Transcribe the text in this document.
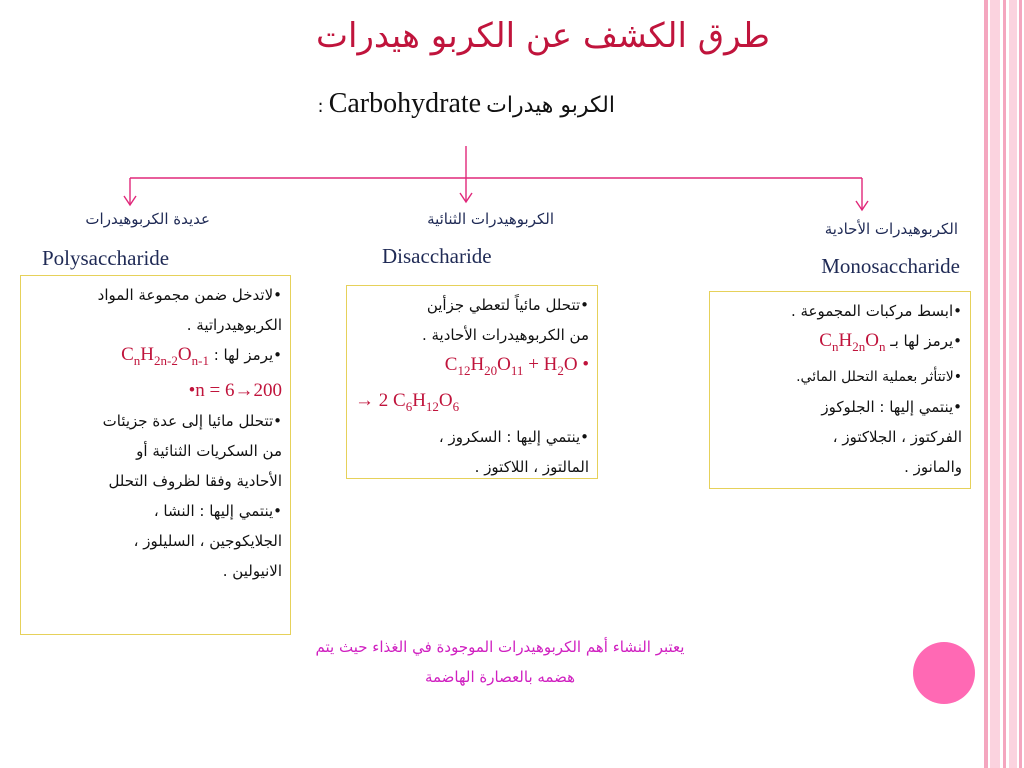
طرق الكشف عن الكربو هيدرات
الكربو هيدرات Carbohydrate :
عديدة الكربوهيدرات
Polysaccharide
•لاتدخل ضمن مجموعة المواد
الكربوهيدراتية .
•يرمز لها : $C_nH_{2n-2}O_{n-1}$
n = 6→200•
•تتحلل مائيا إلى عدة جزيئات
من السكريات الثنائية أو
الأحادية وفقا لظروف التحلل
•ينتمي إليها : النشا ،
الجلايكوجين ، السليلوز ،
الانيولين .
الكربوهيدرات الثنائية
Disaccharide
•تتحلل مائياً لتعطي جزأين
من الكربوهيدرات الأحادية .
$C_{12}H_{20}O_{11} + H_2O$ •
→ 2 $C_6H_{12}O_6$
•ينتمي إليها : السكروز ،
المالتوز ، اللاكتوز .
الكربوهيدرات الأحادية
Monosaccharide
•ابسط مركبات المجموعة .
•يرمز لها بـ $C_nH_{2n}O_n$
•لاتتأثر بعملية التحلل المائي.
•ينتمي إليها : الجلوكوز
الفركتوز ، الجلاكتوز ،
والمانوز .
يعتبر النشاء أهم الكربوهيدرات الموجودة في الغذاء حيث يتم
هضمه بالعصارة الهاضمة
